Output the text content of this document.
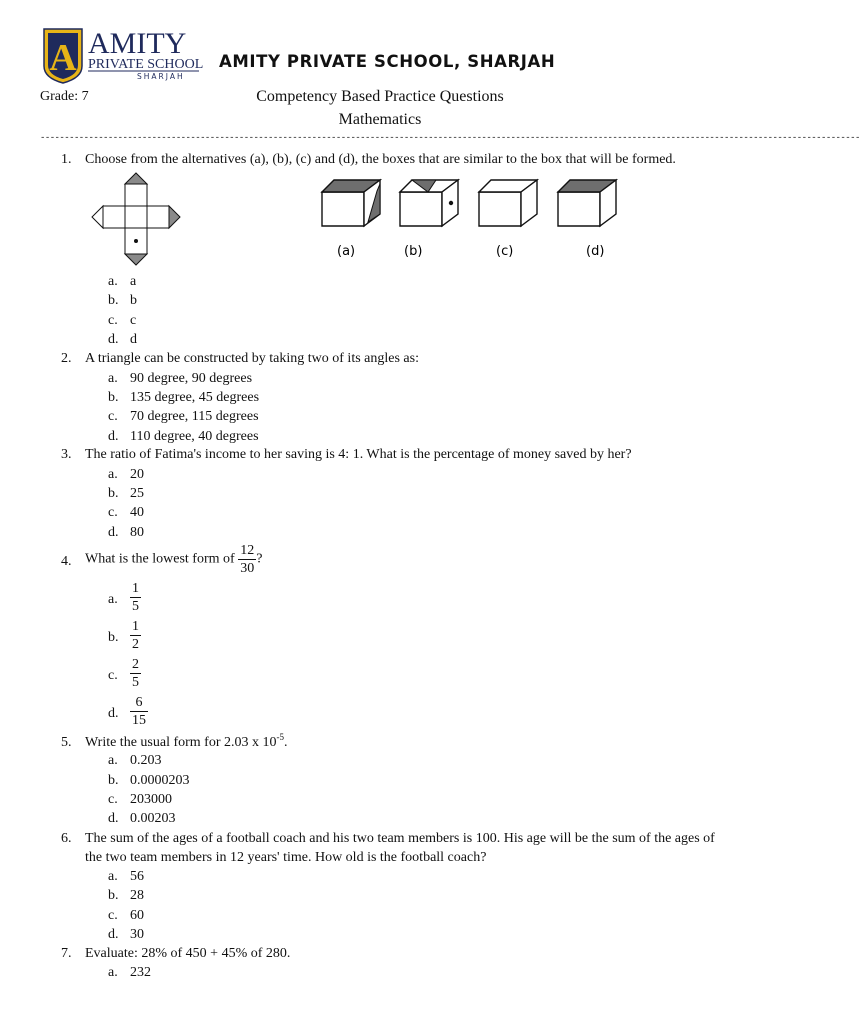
A AMITY
PRIVATE SCHOOL
SHARJAH
AMITY PRIVATE SCHOOL, SHARJAH
Grade: 7	Competency Based Practice Questions
Mathematics
-------------------------------------------------------------------------------------------------------------------------------------------------------------------------
1. Choose from the alternatives (a), (b), (c) and (d), the boxes that are similar to the box that will be formed.
(a)	(b)	(c)	(d)
a. a
b. b
c. c
d. d
2. A triangle can be constructed by taking two of its angles as:
a. 90 degree, 90 degrees
b. 135 degree, 45 degrees
c. 70 degree, 115 degrees
d. 110 degree, 40 degrees
3. The ratio of Fatima's income to her saving is 4: 1. What is the percentage of money saved by her?
a. 20
b. 25
c. 40
d. 80
4. What is the lowest form of $\frac{12}{30}$ ?
a. $\frac{1}{5}$
b. $\frac{1}{2}$
c. $\frac{2}{5}$
d. $\frac{6}{15}$
5. Write the usual form for 2.03 x $10^{-5}$.
a. 0.203
b. 0.0000203
c. 203000
d. 0.00203
6. The sum of the ages of a football coach and his two team members is 100. His age will be the sum of the ages of the two team members in 12 years' time. How old is the football coach?
a. 56
b. 28
c. 60
d. 30
7. Evaluate: 28% of 450 + 45% of 280.
a. 232
